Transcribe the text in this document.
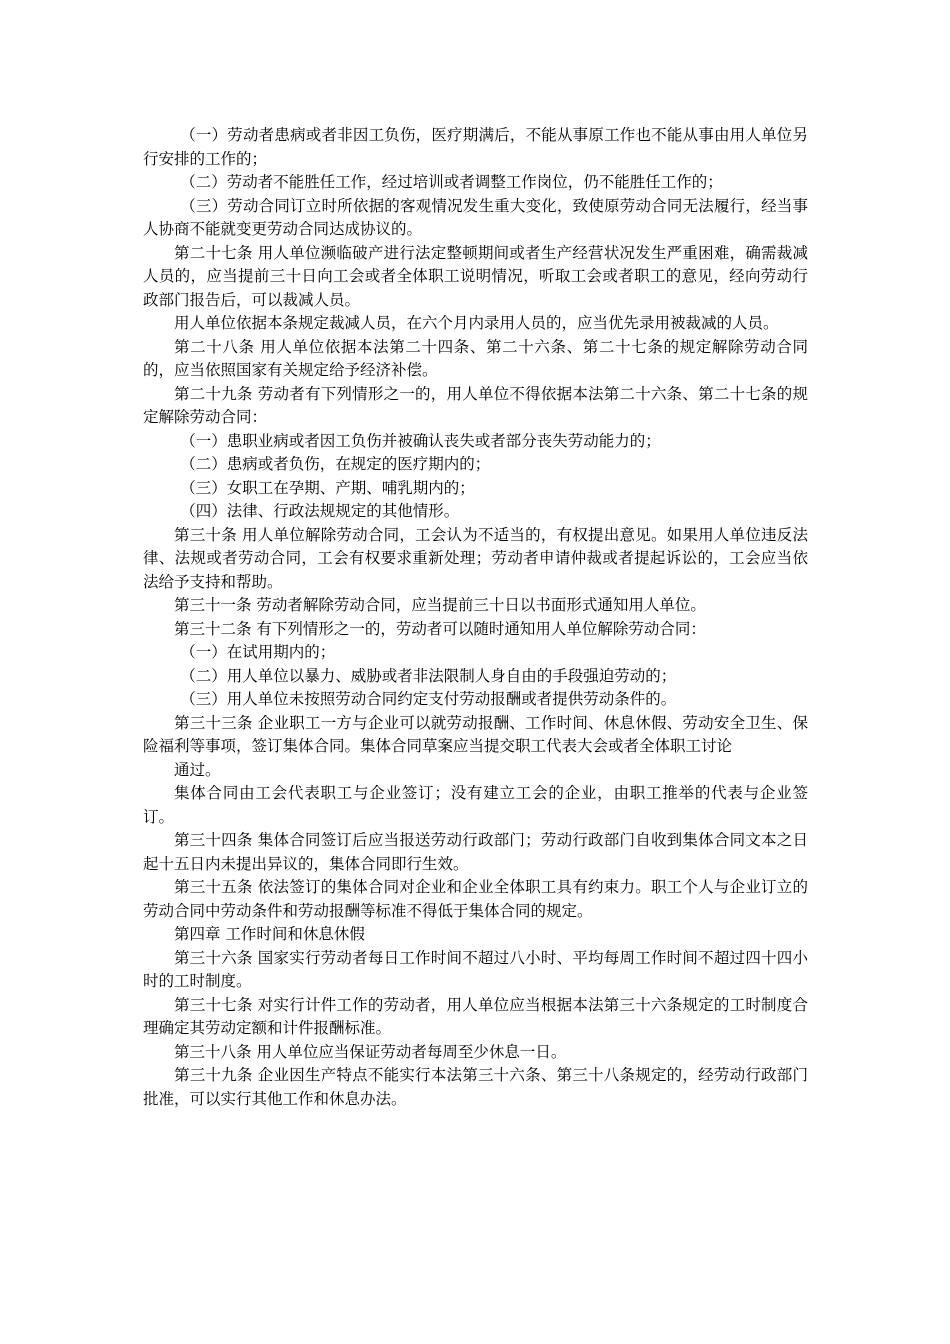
（一）劳动者患病或者非因工负伤，医疗期满后，不能从事原工作也不能从事由用人单位另行安排的工作的；

（二）劳动者不能胜任工作，经过培训或者调整工作岗位，仍不能胜任工作的；

（三）劳动合同订立时所依据的客观情况发生重大变化，致使原劳动合同无法履行，经当事人协商不能就变更劳动合同达成协议的。

第二十七条 用人单位濒临破产进行法定整顿期间或者生产经营状况发生严重困难，确需裁减人员的，应当提前三十日向工会或者全体职工说明情况，听取工会或者职工的意见，经向劳动行政部门报告后，可以裁减人员。

用人单位依据本条规定裁减人员，在六个月内录用人员的，应当优先录用被裁减的人员。

第二十八条 用人单位依据本法第二十四条、第二十六条、第二十七条的规定解除劳动合同的，应当依照国家有关规定给予经济补偿。

第二十九条 劳动者有下列情形之一的，用人单位不得依据本法第二十六条、第二十七条的规定解除劳动合同：

（一）患职业病或者因工负伤并被确认丧失或者部分丧失劳动能力的；

（二）患病或者负伤，在规定的医疗期内的；

（三）女职工在孕期、产期、哺乳期内的；

（四）法律、行政法规规定的其他情形。

第三十条 用人单位解除劳动合同，工会认为不适当的，有权提出意见。如果用人单位违反法律、法规或者劳动合同，工会有权要求重新处理；劳动者申请仲裁或者提起诉讼的，工会应当依法给予支持和帮助。

第三十一条 劳动者解除劳动合同，应当提前三十日以书面形式通知用人单位。

第三十二条 有下列情形之一的，劳动者可以随时通知用人单位解除劳动合同：

（一）在试用期内的；

（二）用人单位以暴力、威胁或者非法限制人身自由的手段强迫劳动的；

（三）用人单位未按照劳动合同约定支付劳动报酬或者提供劳动条件的。

第三十三条 企业职工一方与企业可以就劳动报酬、工作时间、休息休假、劳动安全卫生、保险福利等事项，签订集体合同。集体合同草案应当提交职工代表大会或者全体职工讨论

通过。

集体合同由工会代表职工与企业签订；没有建立工会的企业，由职工推举的代表与企业签订。

第三十四条 集体合同签订后应当报送劳动行政部门；劳动行政部门自收到集体合同文本之日起十五日内未提出异议的，集体合同即行生效。

第三十五条 依法签订的集体合同对企业和企业全体职工具有约束力。职工个人与企业订立的劳动合同中劳动条件和劳动报酬等标准不得低于集体合同的规定。

第四章 工作时间和休息休假

第三十六条 国家实行劳动者每日工作时间不超过八小时、平均每周工作时间不超过四十四小时的工时制度。

第三十七条 对实行计件工作的劳动者，用人单位应当根据本法第三十六条规定的工时制度合理确定其劳动定额和计件报酬标准。

第三十八条 用人单位应当保证劳动者每周至少休息一日。

第三十九条 企业因生产特点不能实行本法第三十六条、第三十八条规定的，经劳动行政部门批准，可以实行其他工作和休息办法。
